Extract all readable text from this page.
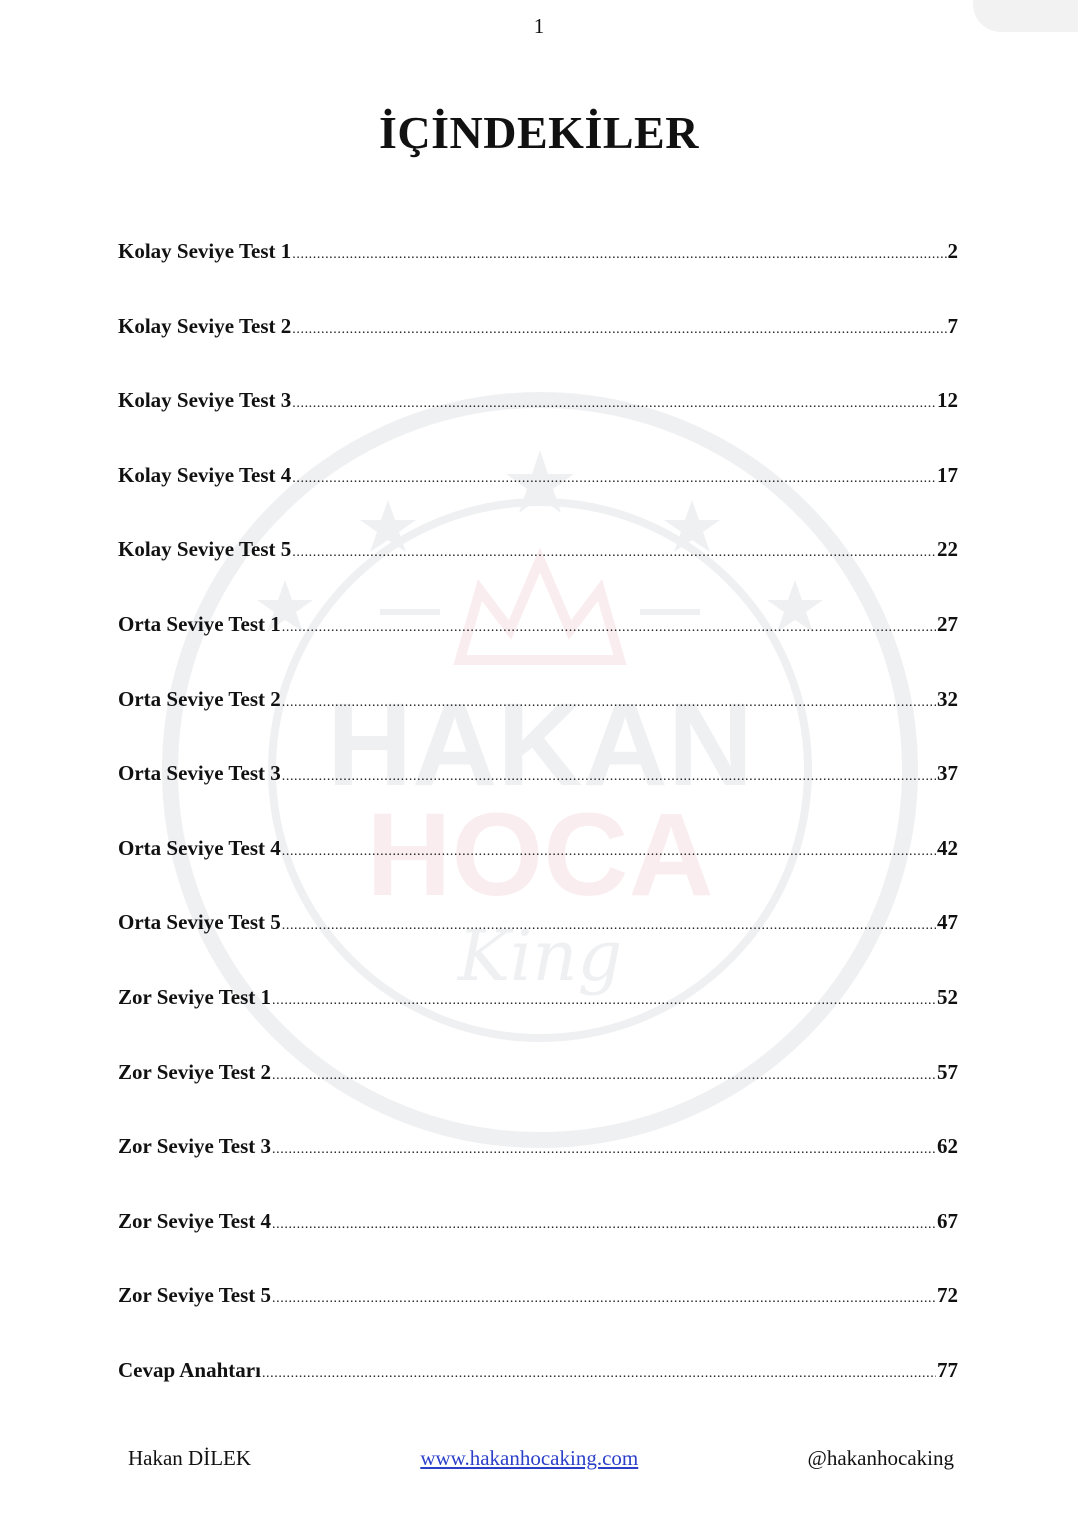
1
HAKAN
HOCA
King
İÇİNDEKİLER
Kolay Seviye Test 1 .....	2
Kolay Seviye Test 2 .....	7
Kolay Seviye Test 3 .....	12
Kolay Seviye Test 4 .....	17
Kolay Seviye Test 5 .....	22
Orta Seviye Test 1 .....	27
Orta Seviye Test 2 .....	32
Orta Seviye Test 3 .....	37
Orta Seviye Test 4 .....	42
Orta Seviye Test 5 .....	47
Zor Seviye Test 1 .....	52
Zor Seviye Test 2 .....	57
Zor Seviye Test 3 .....	62
Zor Seviye Test 4 .....	67
Zor Seviye Test 5 .....	72
Cevap Anahtarı .....	77
Hakan DİLEK	www.hakanhocaking.com	@hakanhocaking
